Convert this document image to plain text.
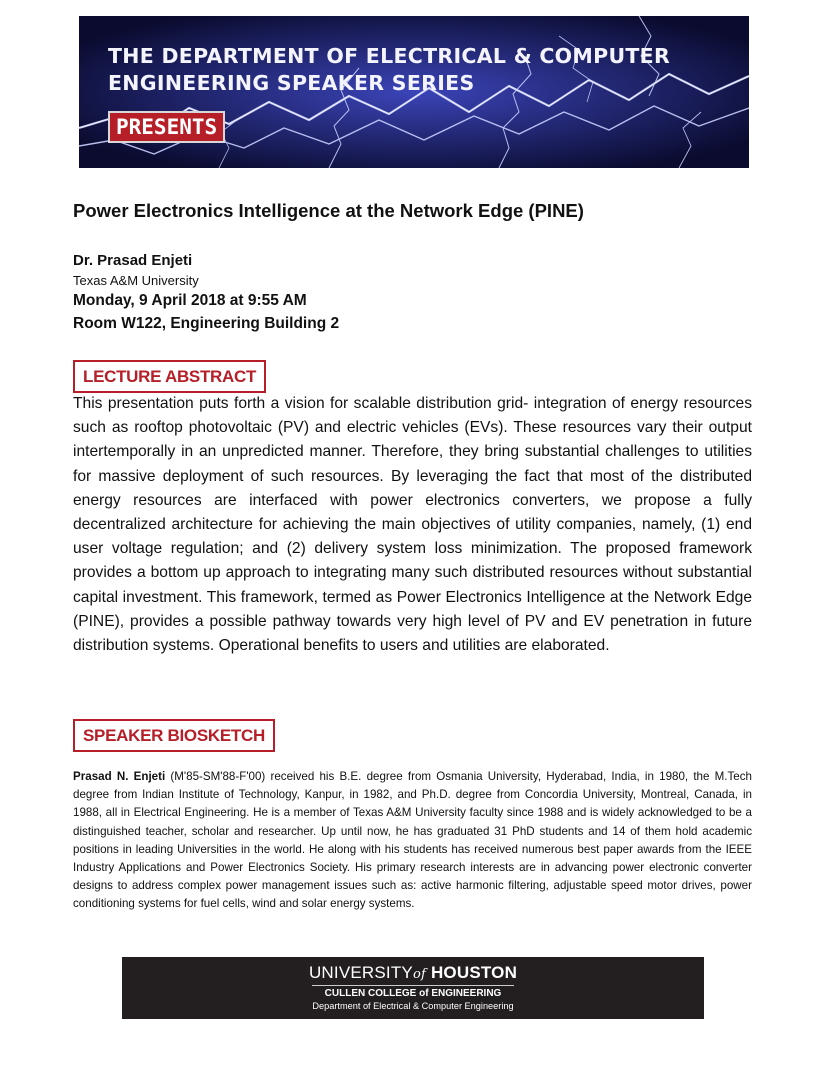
THE DEPARTMENT OF ELECTRICAL & COMPUTER
ENGINEERING SPEAKER SERIES
PRESENTS
Power Electronics Intelligence at the Network Edge (PINE)
Dr. Prasad Enjeti
Texas A&M University
Monday, 9 April 2018 at 9:55 AM
Room W122, Engineering Building 2
LECTURE ABSTRACT

This presentation puts forth a vision for scalable distribution grid- integration of energy resources such as rooftop photovoltaic (PV) and electric vehicles (EVs). These resources vary their output intertemporally in an unpredicted manner. Therefore, they bring substantial challenges to utilities for massive deployment of such resources. By leveraging the fact that most of the distributed energy resources are interfaced with power electronics converters, we propose a fully decentralized architecture for achieving the main objectives of utility companies, namely, (1) end user voltage regulation; and (2) delivery system loss minimization. The proposed framework provides a bottom up approach to integrating many such distributed resources without substantial capital investment. This framework, termed as Power Electronics Intelligence at the Network Edge (PINE), provides a possible pathway towards very high level of PV and EV penetration in future distribution systems. Operational benefits to users and utilities are elaborated.

SPEAKER BIOSKETCH

Prasad N. Enjeti (M'85-SM'88-F'00) received his B.E. degree from Osmania University, Hyderabad, India, in 1980, the M.Tech degree from Indian Institute of Technology, Kanpur, in 1982, and Ph.D. degree from Concordia University, Montreal, Canada, in 1988, all in Electrical Engineering. He is a member of Texas A&M University faculty since 1988 and is widely acknowledged to be a distinguished teacher, scholar and researcher. Up until now, he has graduated 31 PhD students and 14 of them hold academic positions in leading Universities in the world. He along with his students has received numerous best paper awards from the IEEE Industry Applications and Power Electronics Society. His primary research interests are in advancing power electronic converter designs to address complex power management issues such as: active harmonic filtering, adjustable speed motor drives, power conditioning systems for fuel cells, wind and solar energy systems.

UNIVERSITYof HOUSTON
CULLEN COLLEGE of ENGINEERING
Department of Electrical & Computer Engineering
